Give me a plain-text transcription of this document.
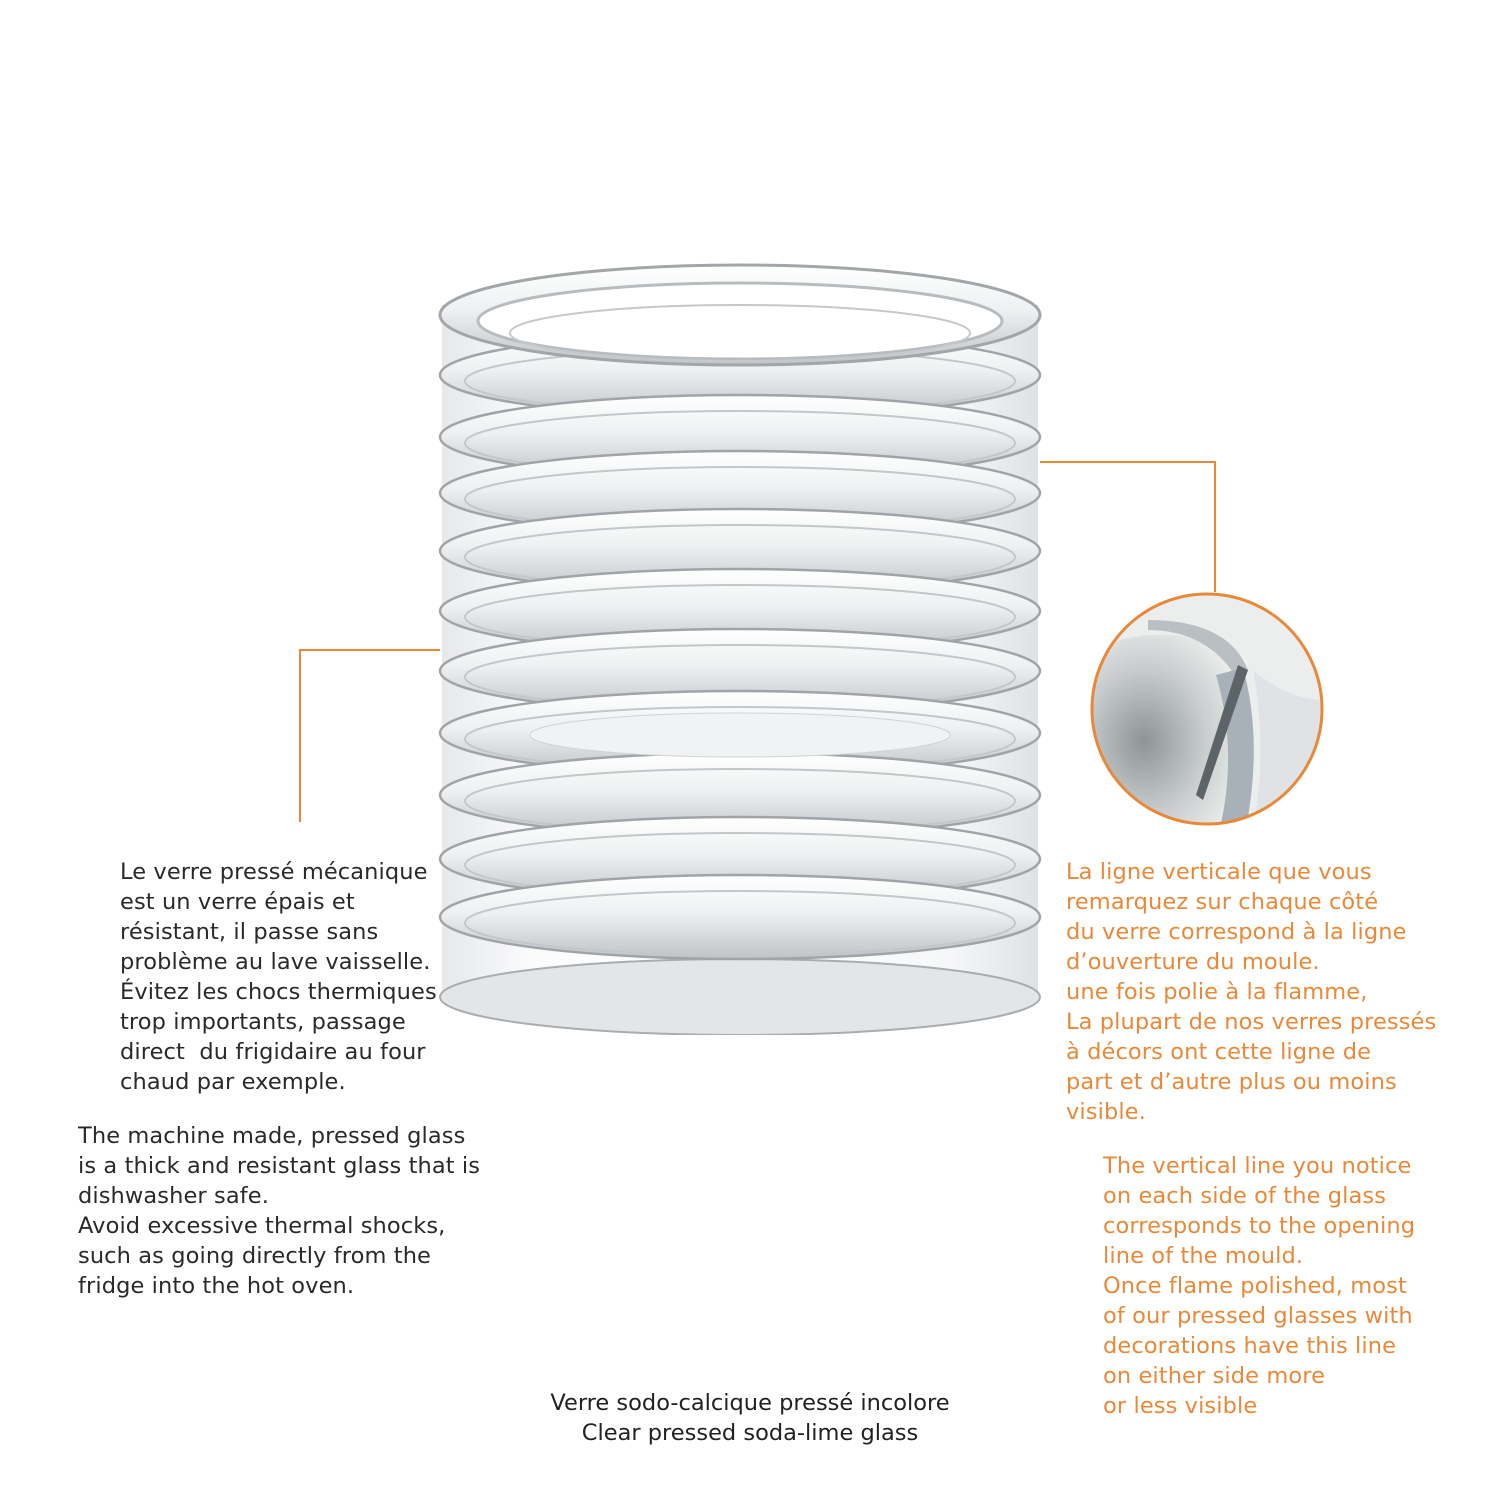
Le verre pressé mécanique
est un verre épais et
résistant, il passe sans
problème au lave vaisselle.
Évitez les chocs thermiques
trop importants, passage
direct  du frigidaire au four
chaud par exemple.
The machine made, pressed glass
is a thick and resistant glass that is
dishwasher safe.
Avoid excessive thermal shocks,
such as going directly from the
fridge into the hot oven.
La ligne verticale que vous
remarquez sur chaque côté
du verre correspond à la ligne
d’ouverture du moule.
une fois polie à la flamme,
La plupart de nos verres pressés
à décors ont cette ligne de
part et d’autre plus ou moins
visible.
The vertical line you notice
on each side of the glass
corresponds to the opening
line of the mould.
Once flame polished, most
of our pressed glasses with
decorations have this line
on either side more
or less visible
Verre sodo-calcique pressé incolore
Clear pressed soda-lime glass
